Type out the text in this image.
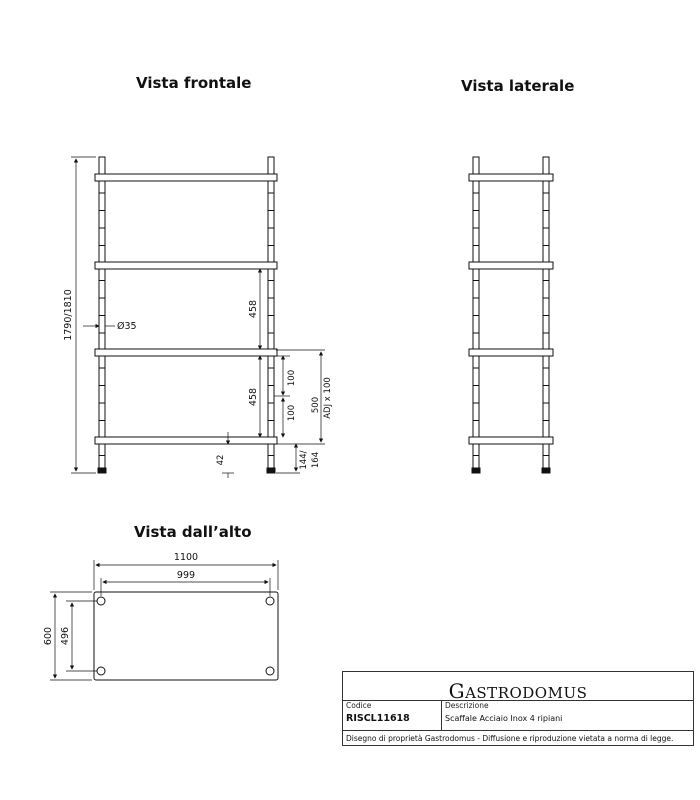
Vista frontale	Vista laterale
Vista dall’alto
1790/1810	Ø35
458
458
100
100 500 ADJ x 100
42	144/ 164
1100
999
600 496
GASTRODOMUS
Codice
RISCL11618
Descrizione
Scaffale Acciaio Inox 4 ripiani
Disegno di proprietà Gastrodomus - Diffusione e riproduzione vietata a norma di legge.
